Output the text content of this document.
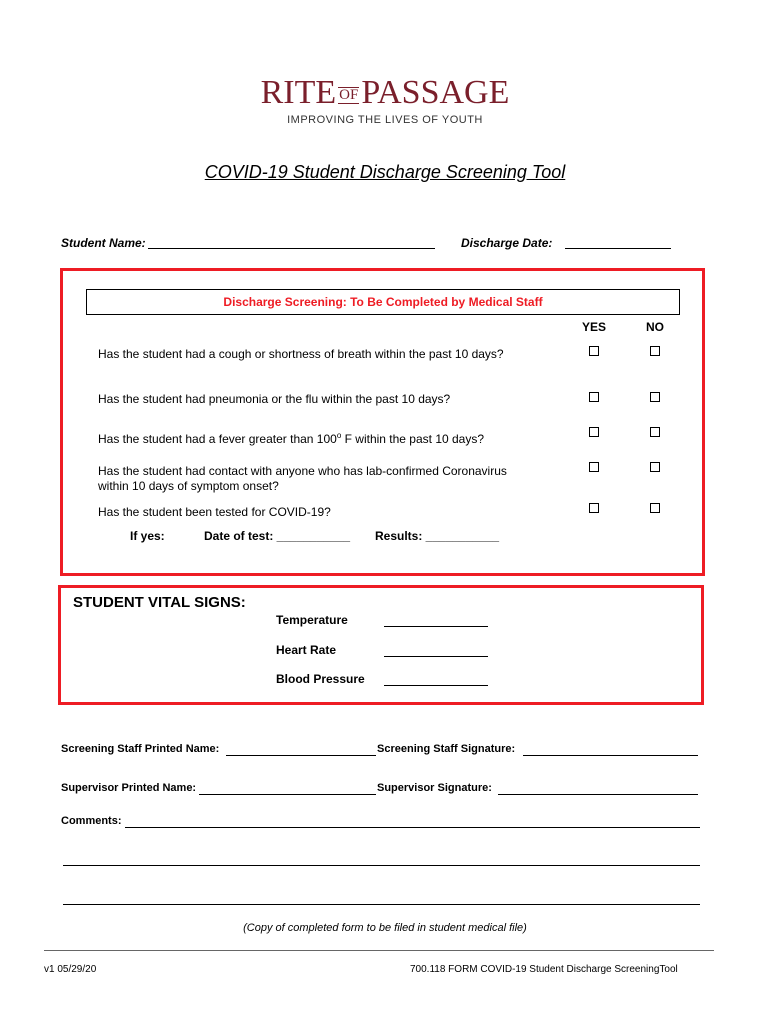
RITE OFPASSAGE
IMPROVING THE LIVES OF YOUTH
COVID-19 Student Discharge Screening Tool
Student Name:	Discharge Date:
Discharge Screening: To Be Completed by Medical Staff
YES	NO
Has the student had a cough or shortness of breath within the past 10 days?
Has the student had pneumonia or the flu within the past 10 days?
Has the student had a fever greater than 100$^o$ F within the past 10 days?
Has the student had contact with anyone who has lab-confirmed Coronavirus
within 10 days of symptom onset?
Has the student been tested for COVID-19?
If yes:	Date of test: ___________ Results: ___________
STUDENT VITAL SIGNS:
Temperature
Heart Rate
Blood Pressure
Screening Staff Printed Name:	Screening Staff Signature:
Supervisor Printed Name:	Supervisor Signature:
Comments:
(Copy of completed form to be filed in student medical file)
v1 05/29/20	700.118 FORM COVID-19 Student Discharge ScreeningTool
